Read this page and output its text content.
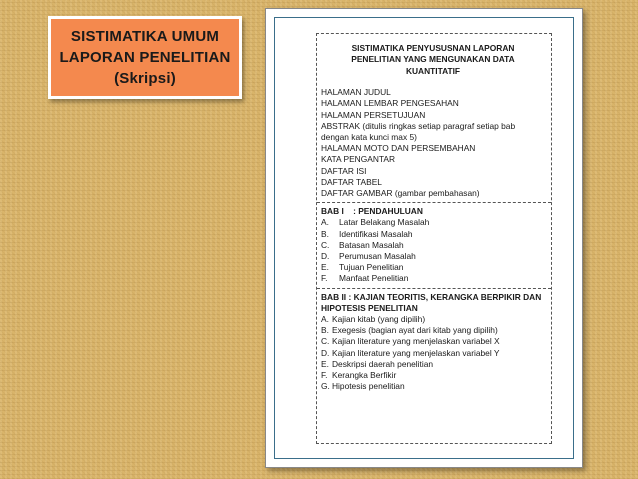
SISTIMATIKA UMUM
LAPORAN PENELITIAN
(Skripsi)
SISTIMATIKA PENYUSUSNAN LAPORAN PENELITIAN YANG MENGUNAKAN DATA KUANTITATIF
HALAMAN JUDUL
HALAMAN LEMBAR PENGESAHAN
HALAMAN PERSETUJUAN
ABSTRAK (ditulis ringkas setiap paragraf setiap bab dengan kata kunci max 5)
HALAMAN MOTO DAN PERSEMBAHAN
KATA PENGANTAR
DAFTAR ISI
DAFTAR TABEL
DAFTAR GAMBAR (gambar pembahasan)
BAB I    : PENDAHULUAN
A.	Latar Belakang Masalah
B.	Identifikasi Masalah
C.	Batasan Masalah
D.	Perumusan Masalah
E.	Tujuan Penelitian
F.	Manfaat Penelitian
BAB II : KAJIAN TEORITIS, KERANGKA BERPIKIR DAN HIPOTESIS PENELITIAN
A. Kajian kitab (yang dipilih)
B. Exegesis (bagian ayat dari kitab yang dipilih)
C. Kajian literature yang menjelaskan variabel X
D. Kajian literature yang menjelaskan variabel Y
E. Deskripsi daerah penelitian
F. Kerangka Berfikir
G. Hipotesis penelitian
